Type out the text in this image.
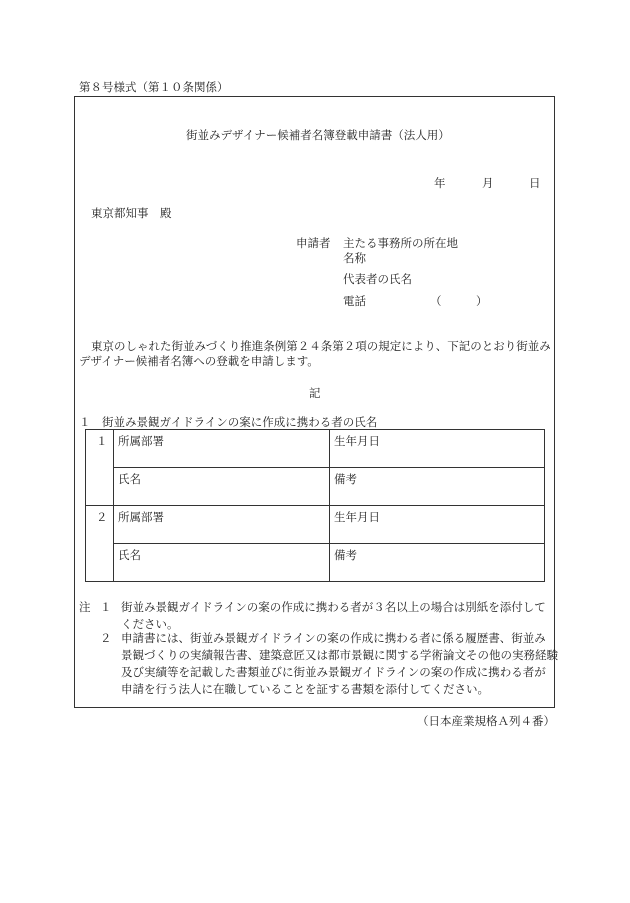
第８号様式（第１０条関係）
街並みデザイナー候補者名簿登載申請書（法人用）
年	月	日
東京都知事　殿
申請者 主たる事務所の所在地
名称
代表者の氏名
電話	（　　　）
東京のしゃれた街並みづくり推進条例第２４条第２項の規定により、下記のとおり街並み
デザイナー候補者名簿への登載を申請します。
記
１　街並み景観ガイドラインの案に作成に携わる者の氏名
１ 所属部署	生年月日
氏名	備考
２ 所属部署	生年月日
氏名	備考
注 １ 街並み景観ガイドラインの案の作成に携わる者が３名以上の場合は別紙を添付して
ください。
２ 申請書には、街並み景観ガイドラインの案の作成に携わる者に係る履歴書、街並み
景観づくりの実績報告書、建築意匠又は都市景観に関する学術論文その他の実務経験
及び実績等を記載した書類並びに街並み景観ガイドラインの案の作成に携わる者が
申請を行う法人に在職していることを証する書類を添付してください。
（日本産業規格Ａ列４番）
